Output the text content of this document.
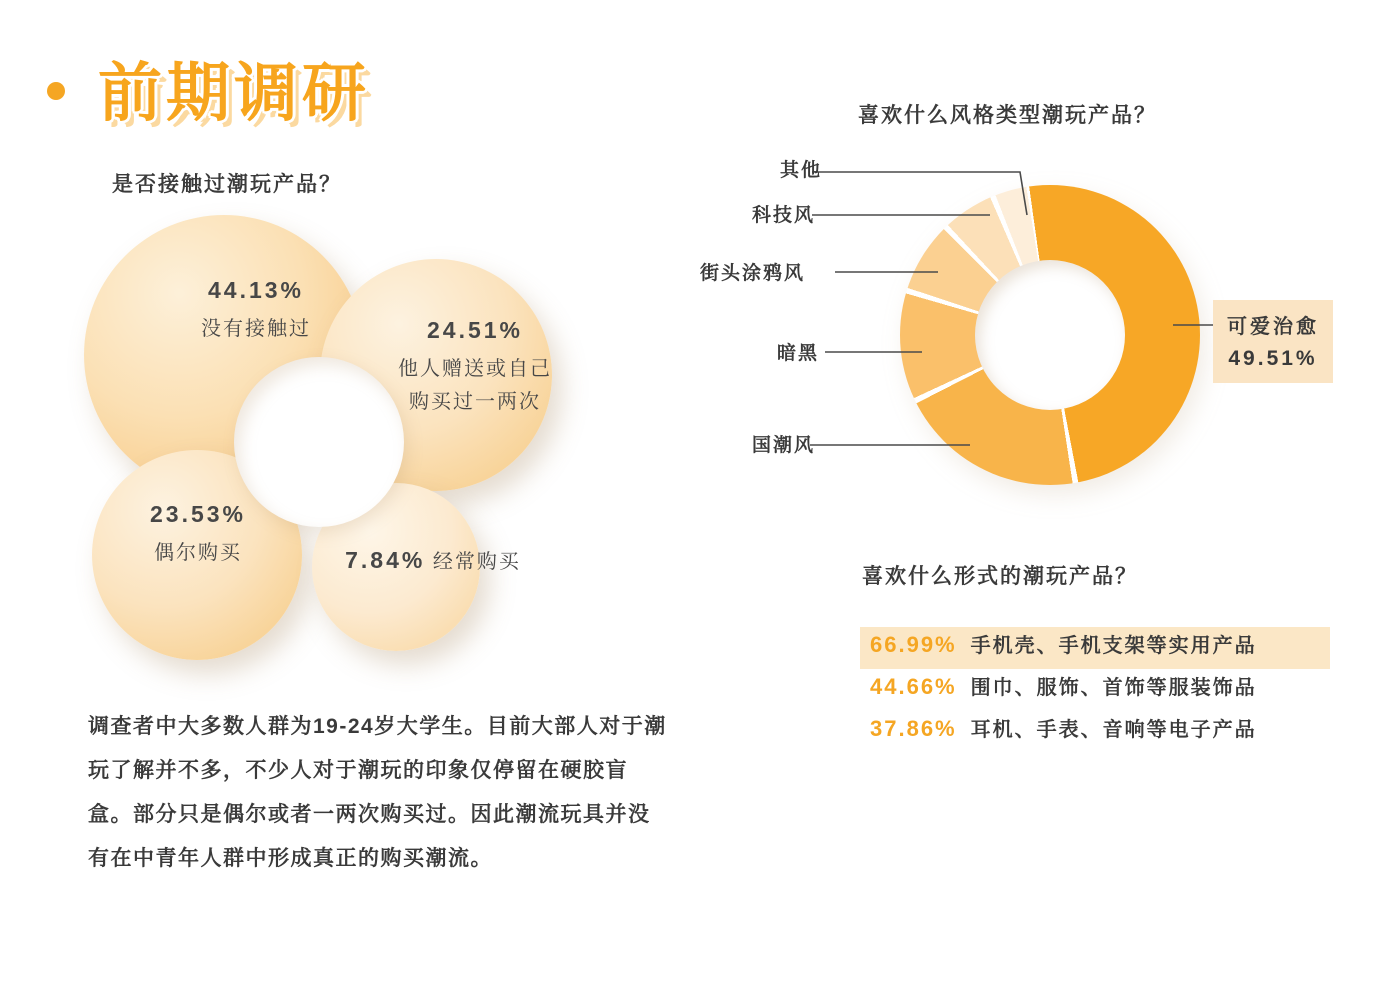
前期调研
是否接触过潮玩产品？
44.13%
没有接触过	24.51%
他人赠送或自己
购买过一两次
23.53%
偶尔购买	7.84% 经常购买
调查者中大多数人群为19-24岁大学生。目前大部人对于潮玩了解并不多，不少人对于潮玩的印象仅停留在硬胶盲盒。部分只是偶尔或者一两次购买过。因此潮流玩具并没有在中青年人群中形成真正的购买潮流。
喜欢什么风格类型潮玩产品？
其他
科技风
街头涂鸦风
暗黑
国潮风
可爱治愈
49.51%
喜欢什么形式的潮玩产品？
66.99% 手机壳、手机支架等实用产品
44.66% 围巾、服饰、首饰等服装饰品
37.86% 耳机、手表、音响等电子产品
